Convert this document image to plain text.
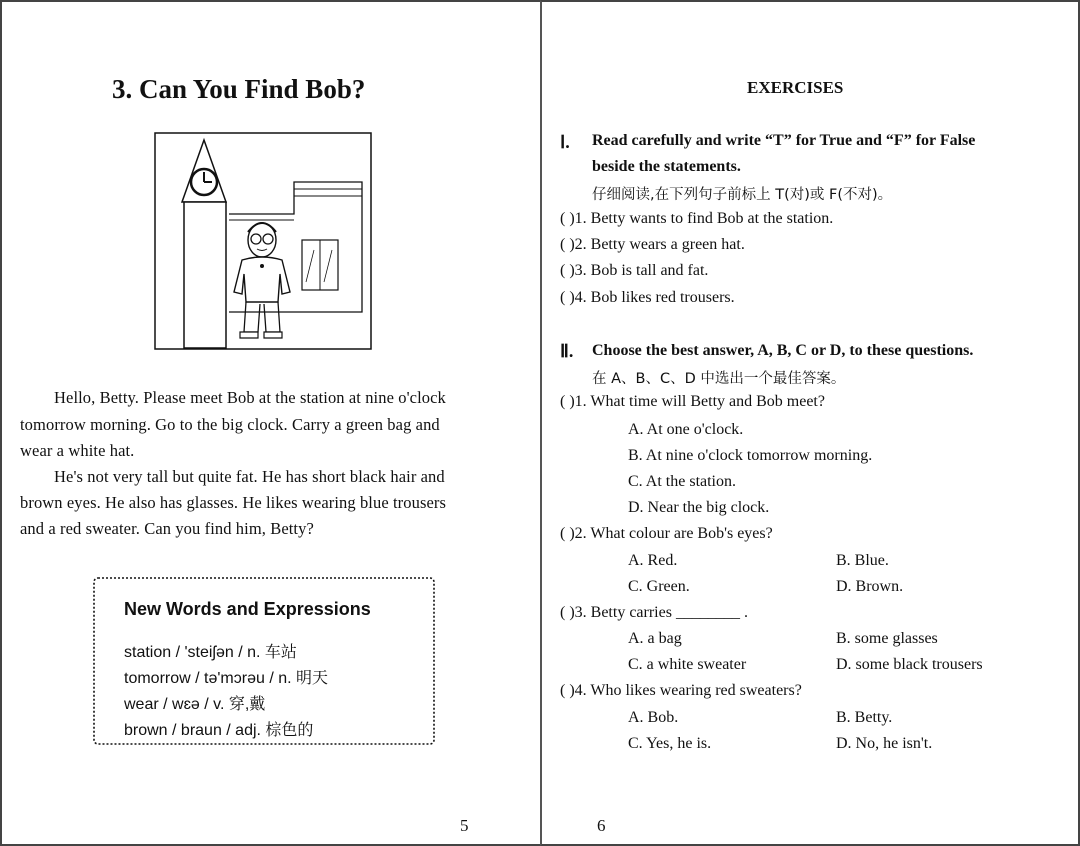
3. Can You Find Bob?
Hello, Betty. Please meet Bob at the station at nine o'clock
tomorrow morning. Go to the big clock. Carry a green bag and
wear a white hat.
He's not very tall but quite fat. He has short black hair and
brown eyes. He also has glasses. He likes wearing blue trousers
and a red sweater. Can you find him, Betty?
New Words and Expressions
station / 'steiʃən / n. 车站
tomorrow / tə'mɔrəu / n. 明天
wear / wɛə / v. 穿,戴
brown / braun / adj. 棕色的
5
EXERCISES
Ⅰ. Read carefully and write “T” for True and “F” for False
beside the statements.
仔细阅读,在下列句子前标上 T(对)或 F(不对)。
( )1. Betty wants to find Bob at the station.
( )2. Betty wears a green hat.
( )3. Bob is tall and fat.
( )4. Bob likes red trousers.
Ⅱ. Choose the best answer, A, B, C or D, to these questions.
在 A、B、C、D 中选出一个最佳答案。
( )1. What time will Betty and Bob meet?
A. At one o'clock.
B. At nine o'clock tomorrow morning.
C. At the station.
D. Near the big clock.
( )2. What colour are Bob's eyes?
A. Red.	B. Blue.
C. Green.	D. Brown.
( )3. Betty carries ________ .
A. a bag	B. some glasses
C. a white sweater	D. some black trousers
( )4. Who likes wearing red sweaters?
A. Bob.	B. Betty.
C. Yes, he is.	D. No, he isn't.
6
